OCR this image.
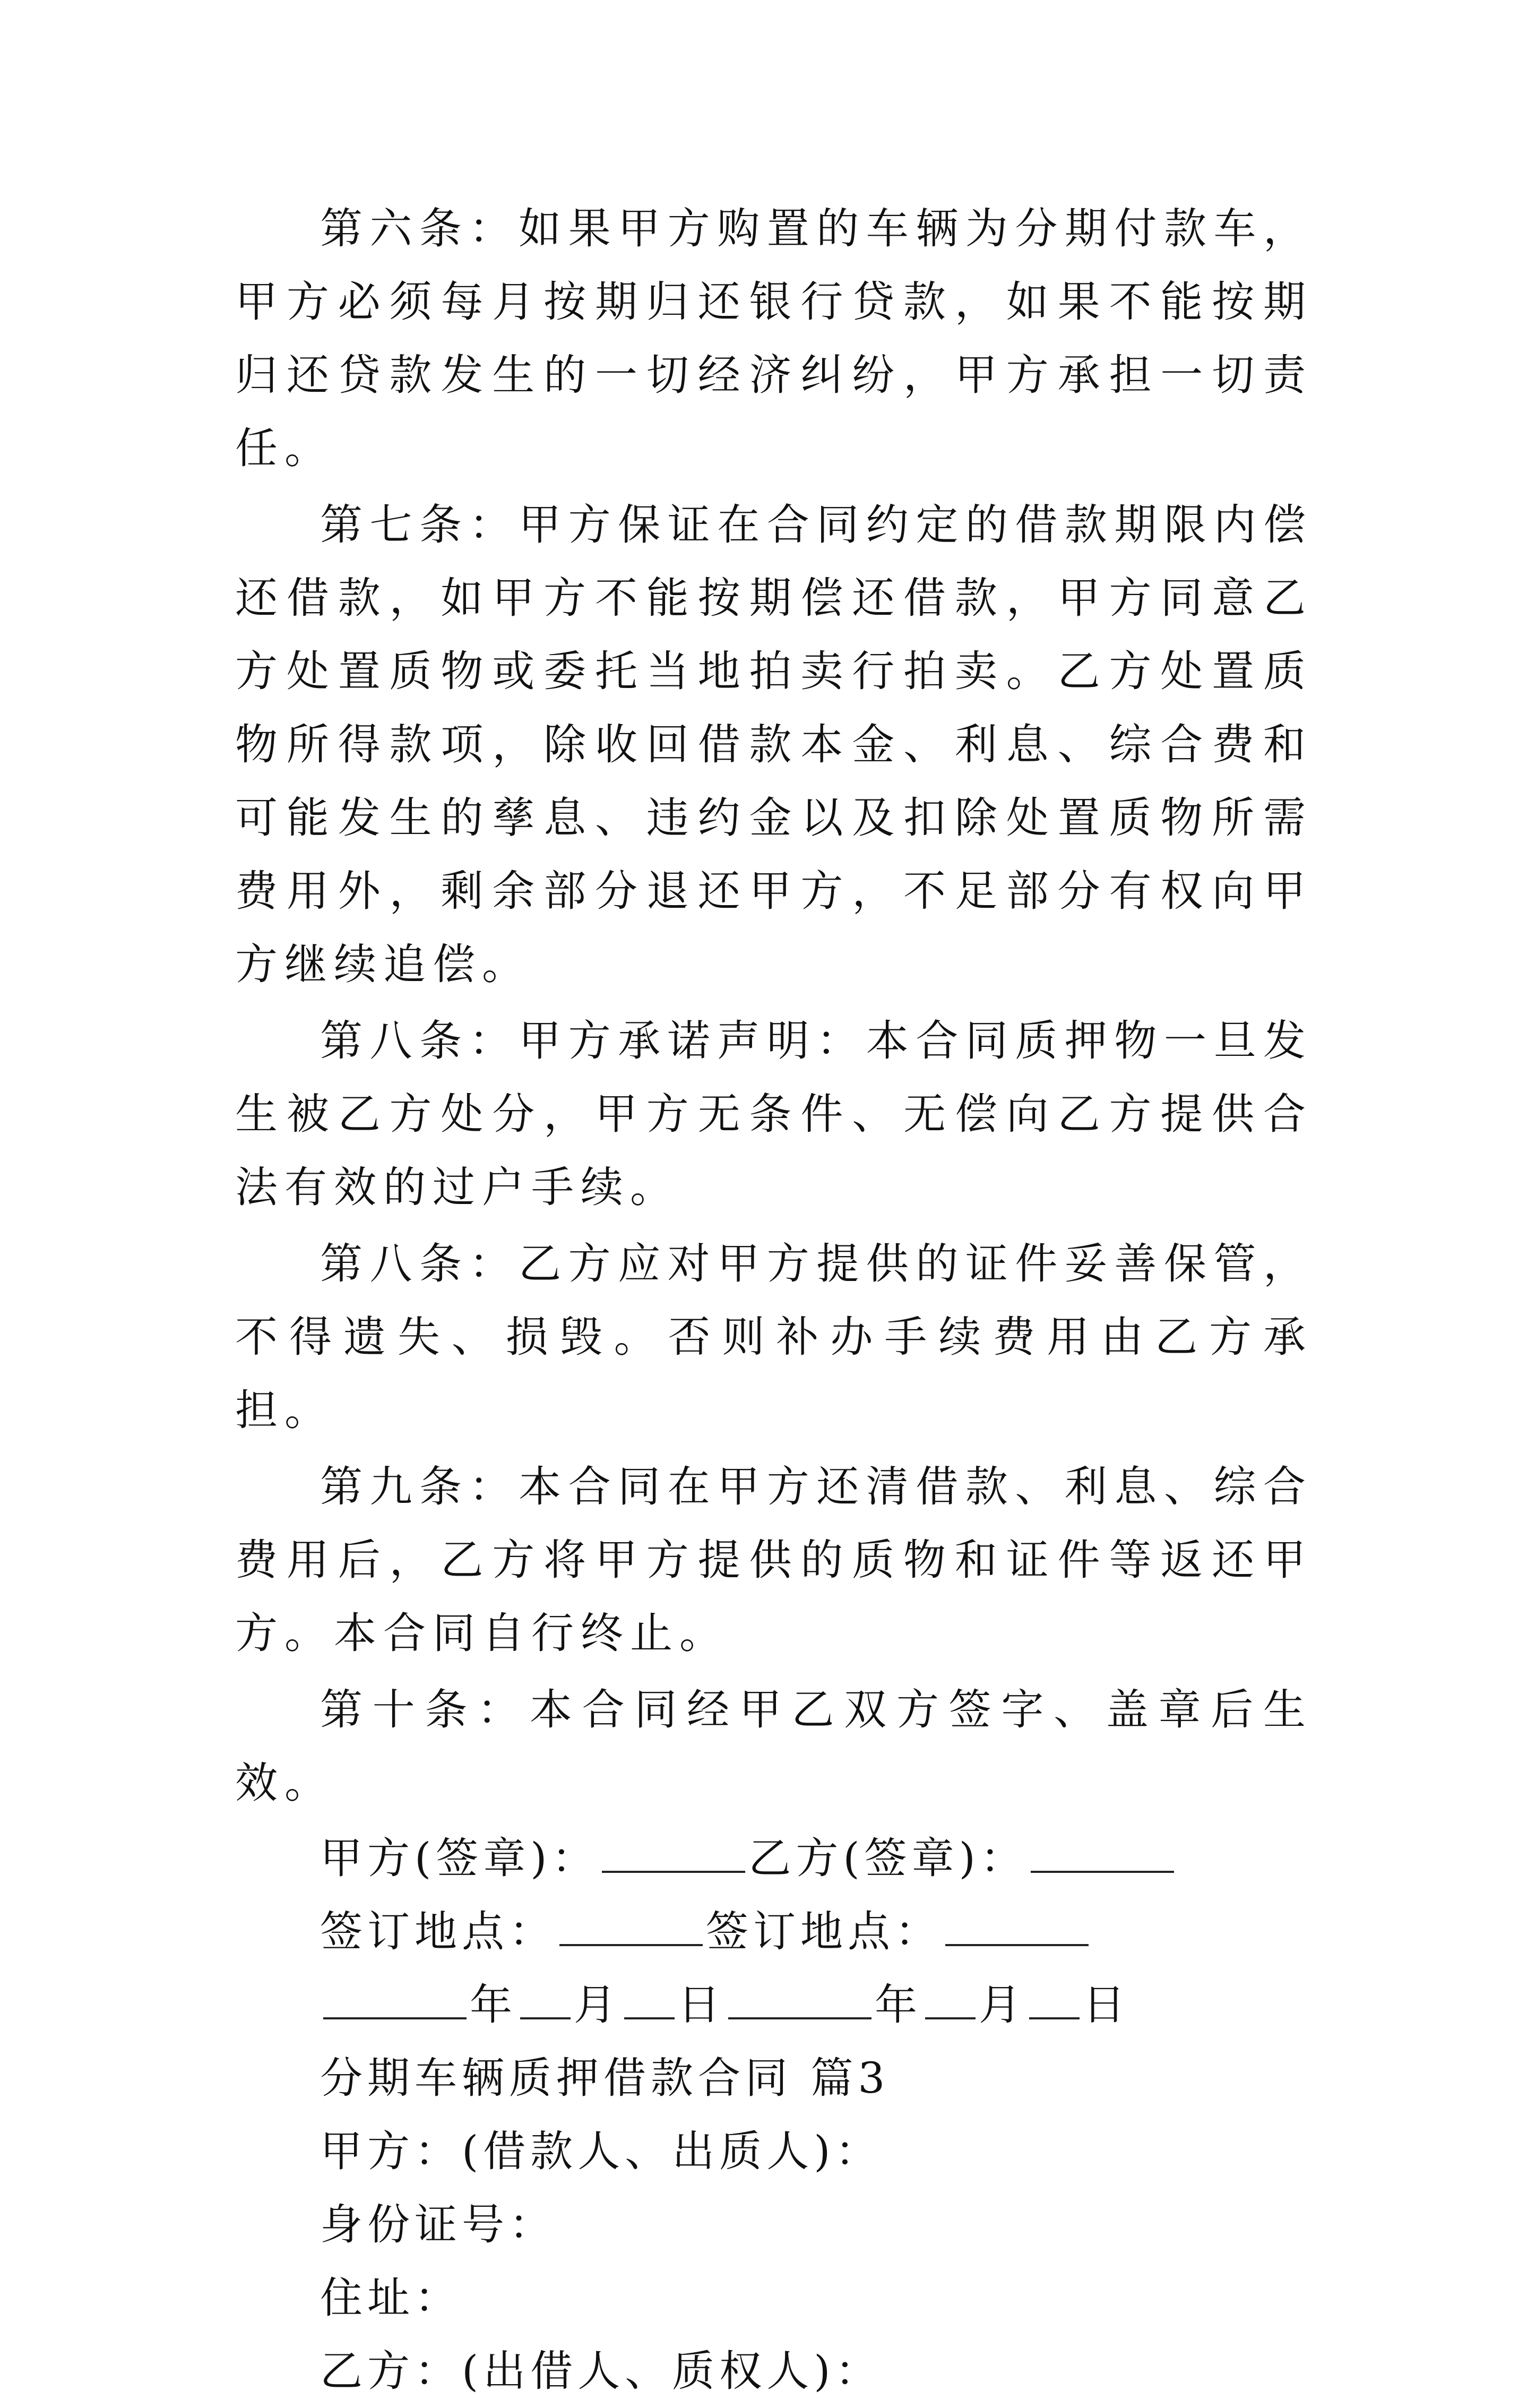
第六条：如果甲方购置的车辆为分期付款车，甲方必须每月按期归还银行贷款，如果不能按期归还贷款发生的一切经济纠纷，甲方承担一切责任。

第七条：甲方保证在合同约定的借款期限内偿还借款，如甲方不能按期偿还借款，甲方同意乙方处置质物或委托当地拍卖行拍卖。乙方处置质物所得款项，除收回借款本金、利息、综合费和可能发生的孳息、违约金以及扣除处置质物所需费用外，剩余部分退还甲方，不足部分有权向甲方继续追偿。

第八条：甲方承诺声明：本合同质押物一旦发生被乙方处分，甲方无条件、无偿向乙方提供合法有效的过户手续。

第八条：乙方应对甲方提供的证件妥善保管，不得遗失、损毁。否则补办手续费用由乙方承担。

第九条：本合同在甲方还清借款、利息、综合费用后，乙方将甲方提供的质物和证件等返还甲方。本合同自行终止。

第十条：本合同经甲乙双方签字、盖章后生效。

甲方(签章)：	乙方(签章)：

签订地点：	签订地点：

年 月 日	年 月 日

分期车辆质押借款合同 篇3

甲方：(借款人、出质人)：

身份证号：

住址：

乙方：(出借人、质权人)：
